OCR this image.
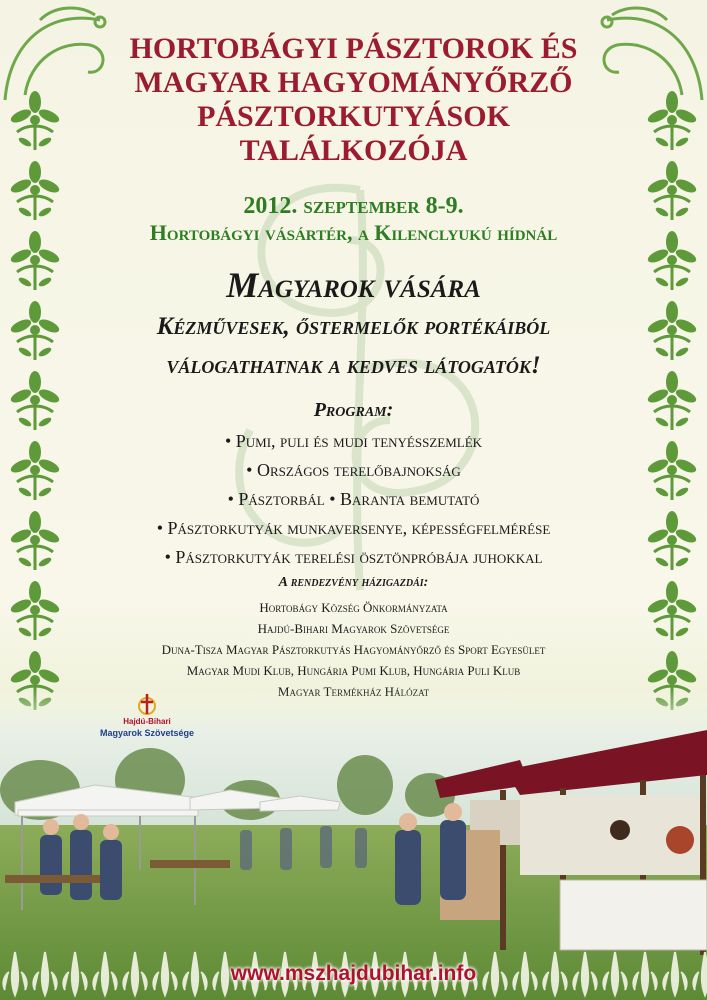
HORTOBÁGYI PÁSZTOROK ÉS
MAGYAR HAGYOMÁNYŐRZŐ
PÁSZTORKUTYÁSOK
TALÁLKOZÓJA
2012. szeptember 8-9.
Hortobágyi vásártér, a Kilenclyukú hídnál
Magyarok vására
Kézművesek, őstermelők portékáiból
válogathatnak a kedves látogatók!
Program:
• Pumi, puli és mudi tenyésszemlék
• Országos terelőbajnokság
• Pásztorbál • Baranta bemutató
• Pásztorkutyák munkaversenye, képességfelmérése
• Pásztorkutyák terelési ösztönpróbája juhokkal
A rendezvény házigazdái:
Hortobágy Község Önkormányzata
Hajdú-Bihari Magyarok Szövetsége
Duna-Tisza Magyar Pásztorkutyás Hagyományőrző és Sport Egyesület
Magyar Mudi Klub, Hungária Pumi Klub, Hungária Puli Klub
Hajdú-Bihari
Magyarok Szövetsége
www.mszhajdubihar.info
